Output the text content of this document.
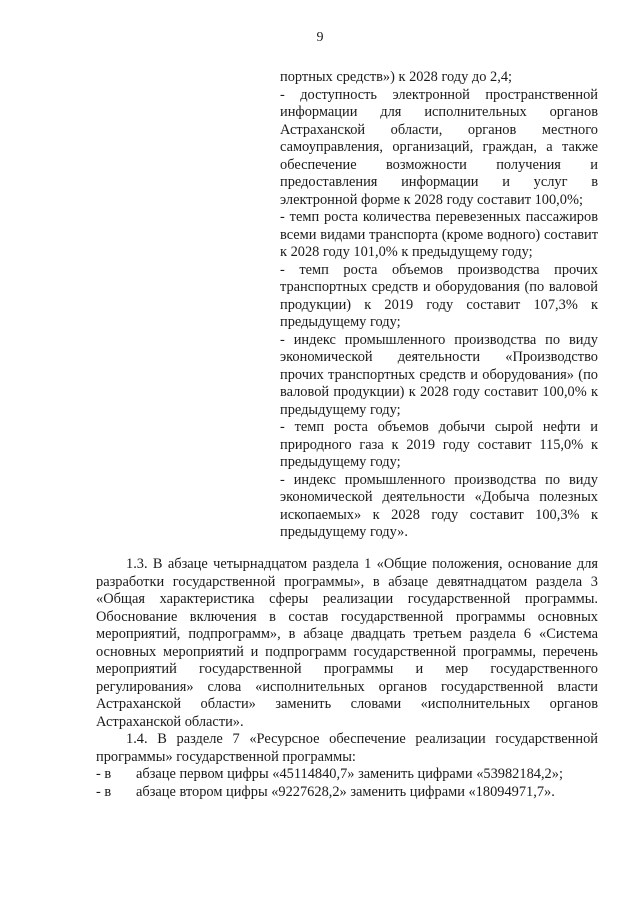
9

портных средств») к 2028 году до 2,4;

- доступность электронной пространственной информации для исполнительных органов Астраханской области, органов местного самоуправления, организаций, граждан, а также обеспечение возможности получения и предоставления информации и услуг в электронной форме к 2028 году составит 100,0%;

- темп роста количества перевезенных пассажиров всеми видами транспорта (кроме водного) составит к 2028 году 101,0% к предыдущему году;

- темп роста объемов производства прочих транспортных средств и оборудования (по валовой продукции) к 2019 году составит 107,3% к предыдущему году;

- индекс промышленного производства по виду экономической деятельности «Производство прочих транспортных средств и оборудования» (по валовой продукции) к 2028 году составит 100,0% к предыдущему году;

- темп роста объемов добычи сырой нефти и природного газа к 2019 году составит 115,0% к предыдущему году;

- индекс промышленного производства по виду экономической деятельности «Добыча полезных ископаемых» к 2028 году составит 100,3% к предыдущему году».

1.3. В абзаце четырнадцатом раздела 1 «Общие положения, основание для разработки государственной программы», в абзаце девятнадцатом раздела 3 «Общая характеристика сферы реализации государственной программы. Обоснование включения в состав государственной программы основных мероприятий, подпрограмм», в абзаце двадцать третьем раздела 6 «Система основных мероприятий и подпрограмм государственной программы, перечень мероприятий государственной программы и мер государственного регулирования» слова «исполнительных органов государственной власти Астраханской области» заменить словами «исполнительных органов Астраханской области».

1.4. В разделе 7 «Ресурсное обеспечение реализации государственной программы» государственной программы:

- в абзаце первом цифры «45114840,7» заменить цифрами «53982184,2»;

- в абзаце втором цифры «9227628,2» заменить цифрами «18094971,7».
